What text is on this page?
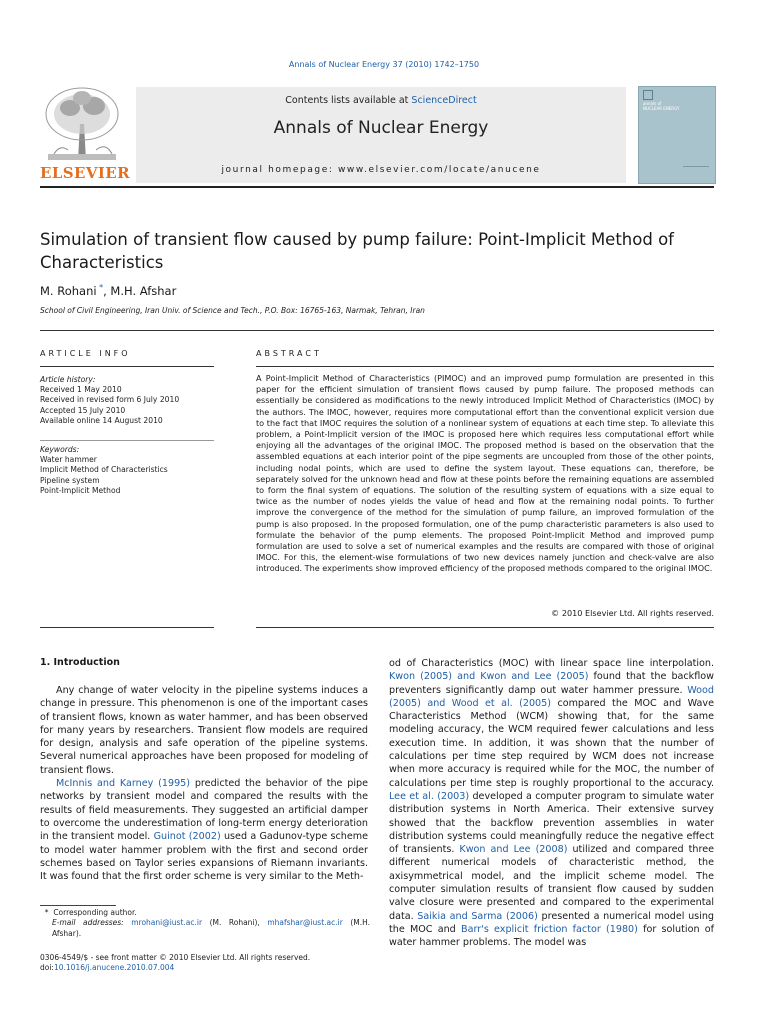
Annals of Nuclear Energy 37 (2010) 1742–1750
ELSEVIER
Contents lists available at ScienceDirect
Annals of Nuclear Energy
journal homepage: www.elsevier.com/locate/anucene
annals of
NUCLEAR ENERGY
Simulation of transient flow caused by pump failure: Point-Implicit Method of Characteristics
M. Rohani *, M.H. Afshar
School of Civil Engineering, Iran Univ. of Science and Tech., P.O. Box: 16765-163, Narmak, Tehran, Iran
ARTICLE INFO
Article history:
Received 1 May 2010
Received in revised form 6 July 2010
Accepted 15 July 2010
Available online 14 August 2010
Keywords:
Water hammer
Implicit Method of Characteristics
Pipeline system
Point-Implicit Method
ABSTRACT
A Point-Implicit Method of Characteristics (PIMOC) and an improved pump formulation are presented in this paper for the efficient simulation of transient flows caused by pump failure. The proposed methods can essentially be considered as modifications to the newly introduced Implicit Method of Characteristics (IMOC) by the authors. The IMOC, however, requires more computational effort than the conventional explicit version due to the fact that IMOC requires the solution of a nonlinear system of equations at each time step. To alleviate this problem, a Point-Implicit version of the IMOC is proposed here which requires less computational effort while enjoying all the advantages of the original IMOC. The proposed method is based on the observation that the assembled equations at each interior point of the pipe segments are uncoupled from those of the other points, including nodal points, which are used to define the system layout. These equations can, therefore, be separately solved for the unknown head and flow at these points before the remaining equations are assembled to form the final system of equations. The solution of the resulting system of equations with a size equal to twice as the number of nodes yields the value of head and flow at the remaining nodal points. To further improve the convergence of the method for the simulation of pump failure, an improved formulation of the pump is also proposed. In the proposed formulation, one of the pump characteristic parameters is also used to formulate the behavior of the pump elements. The proposed Point-Implicit Method and improved pump formulation are used to solve a set of numerical examples and the results are compared with those of original IMOC. For this, the element-wise formulations of two new devices namely junction and check-valve are also introduced. The experiments show improved efficiency of the proposed methods compared to the original IMOC.
© 2010 Elsevier Ltd. All rights reserved.
1. Introduction

Any change of water velocity in the pipeline systems induces a change in pressure. This phenomenon is one of the important cases of transient flows, known as water hammer, and has been observed for many years by researchers. Transient flow models are required for design, analysis and safe operation of the pipeline systems. Several numerical approaches have been proposed for modeling of transient flows.

McInnis and Karney (1995) predicted the behavior of the pipe networks by transient model and compared the results with the results of field measurements. They suggested an artificial damper to overcome the underestimation of long-term energy deterioration in the transient model. Guinot (2002) used a Gadunov-type scheme to model water hammer problem with the first and second order schemes based on Taylor series expansions of Riemann invariants. It was found that the first order scheme is very similar to the Meth-

od of Characteristics (MOC) with linear space line interpolation. Kwon (2005) and Kwon and Lee (2005) found that the backflow preventers significantly damp out water hammer pressure. Wood (2005) and Wood et al. (2005) compared the MOC and Wave Characteristics Method (WCM) showing that, for the same modeling accuracy, the WCM required fewer calculations and less execution time. In addition, it was shown that the number of calculations per time step required by WCM does not increase when more accuracy is required while for the MOC, the number of calculations per time step is roughly proportional to the accuracy. Lee et al. (2003) developed a computer program to simulate water distribution systems in North America. Their extensive survey showed that the backflow prevention assemblies in water distribution systems could meaningfully reduce the negative effect of transients. Kwon and Lee (2008) utilized and compared three different numerical models of characteristic method, the axisymmetrical model, and the implicit scheme model. The computer simulation results of transient flow caused by sudden valve closure were presented and compared to the experimental data. Saikia and Sarma (2006) presented a numerical model using the MOC and Barr's explicit friction factor (1980) for solution of water hammer problems. The model was

* Corresponding author.
E-mail addresses: mrohani@iust.ac.ir (M. Rohani), mhafshar@iust.ac.ir (M.H. Afshar).
0306-4549/$ - see front matter © 2010 Elsevier Ltd. All rights reserved.
doi:10.1016/j.anucene.2010.07.004
